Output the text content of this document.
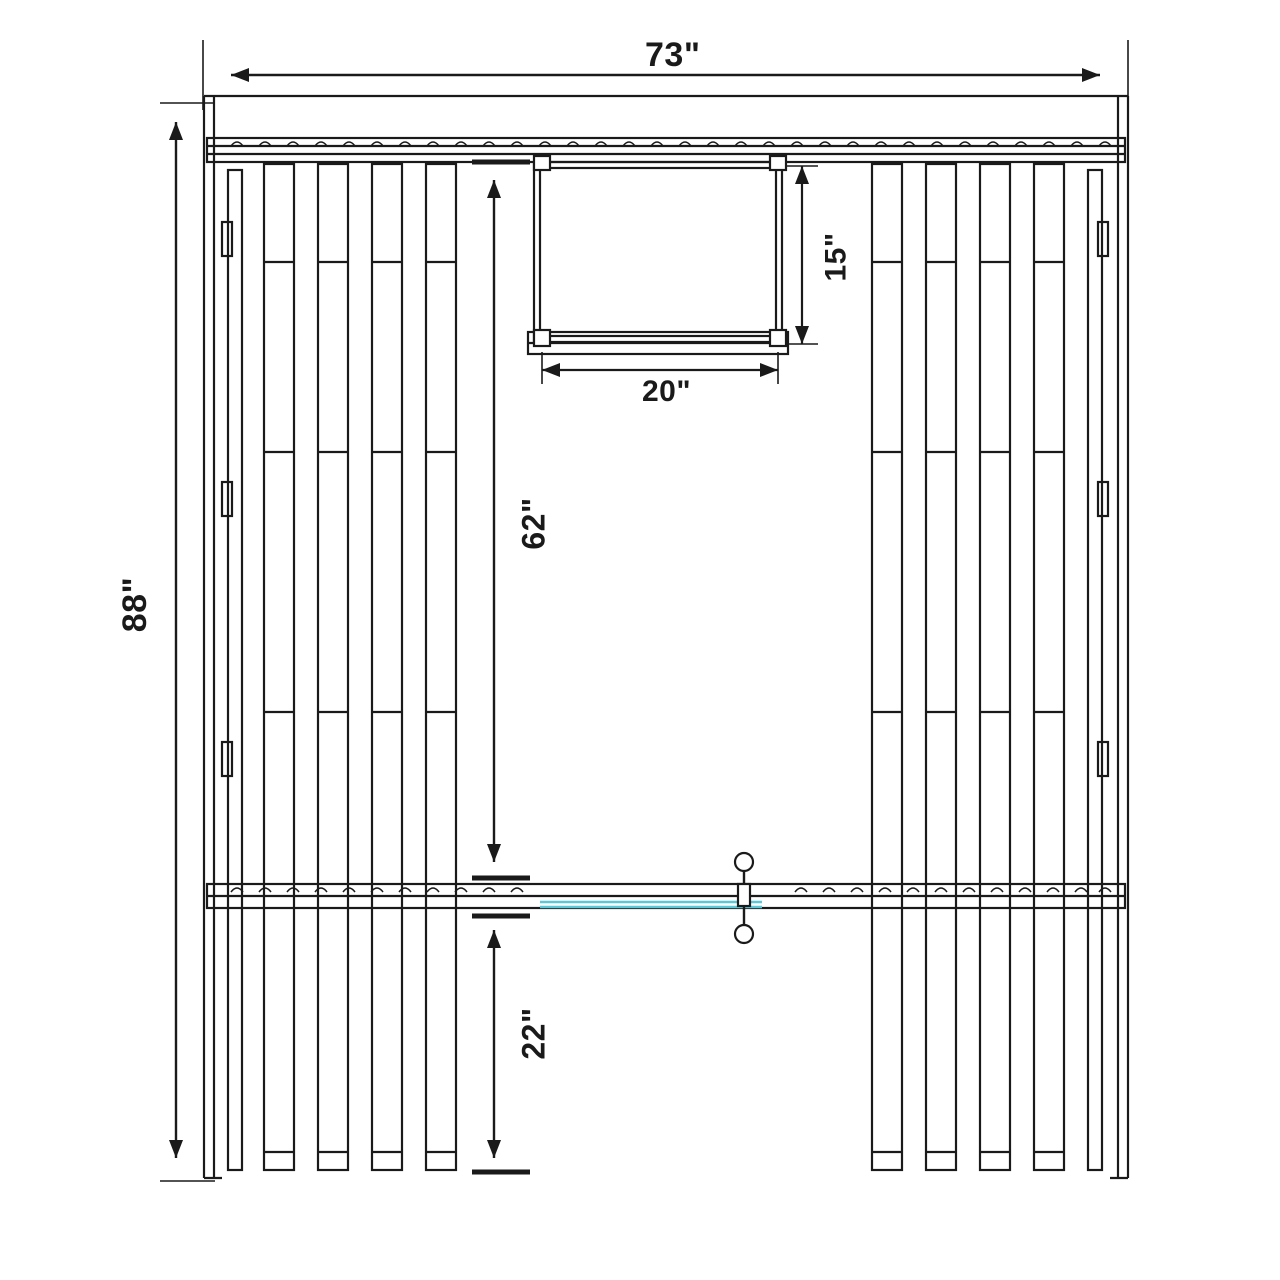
73"
88"
15"
20"
62"
22"
